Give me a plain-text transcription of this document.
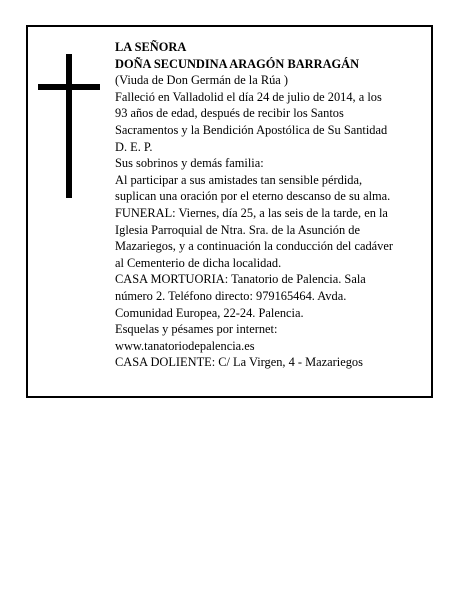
LA SEÑORA
DOÑA SECUNDINA ARAGÓN BARRAGÁN
(Viuda de Don Germán de la Rúa )
Falleció en Valladolid el día 24 de julio de 2014, a los
93 años de edad, después de recibir los Santos
Sacramentos y la Bendición Apostólica de Su Santidad
D. E. P.
Sus sobrinos y demás familia:
Al participar a sus amistades tan sensible pérdida,
suplican una oración por el eterno descanso de su alma.
FUNERAL: Viernes, día 25, a las seis de la tarde, en la
Iglesia Parroquial de Ntra. Sra. de la Asunción de
Mazariegos, y a continuación la conducción del cadáver
al Cementerio de dicha localidad.
CASA MORTUORIA: Tanatorio de Palencia. Sala
número 2. Teléfono directo: 979165464. Avda.
Comunidad Europea, 22-24. Palencia.
Esquelas y pésames por internet:
www.tanatoriodepalencia.es
CASA DOLIENTE: C/ La Virgen, 4 - Mazariegos
